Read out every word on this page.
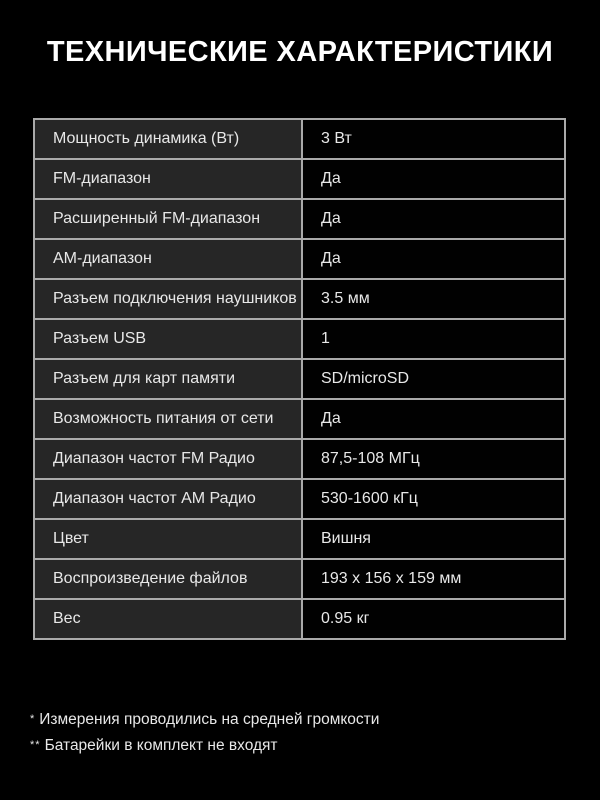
ТЕХНИЧЕСКИЕ ХАРАКТЕРИСТИКИ
Мощность динамика (Вт)	3 Вт
FM-диапазон	Да
Расширенный FM-диапазон	Да
АМ-диапазон	Да
Разъем подключения наушников	3.5 мм
Разъем USB	1
Разъем для карт памяти	SD/microSD
Возможность питания от сети	Да
Диапазон частот FM Радио	87,5-108 МГц
Диапазон частот АМ Радио	530-1600 кГц
Цвет	Вишня
Воспроизведение файлов	193 x 156 x 159 мм
Вес	0.95 кг
* Измерения проводились на средней громкости
** Батарейки в комплект не входят
